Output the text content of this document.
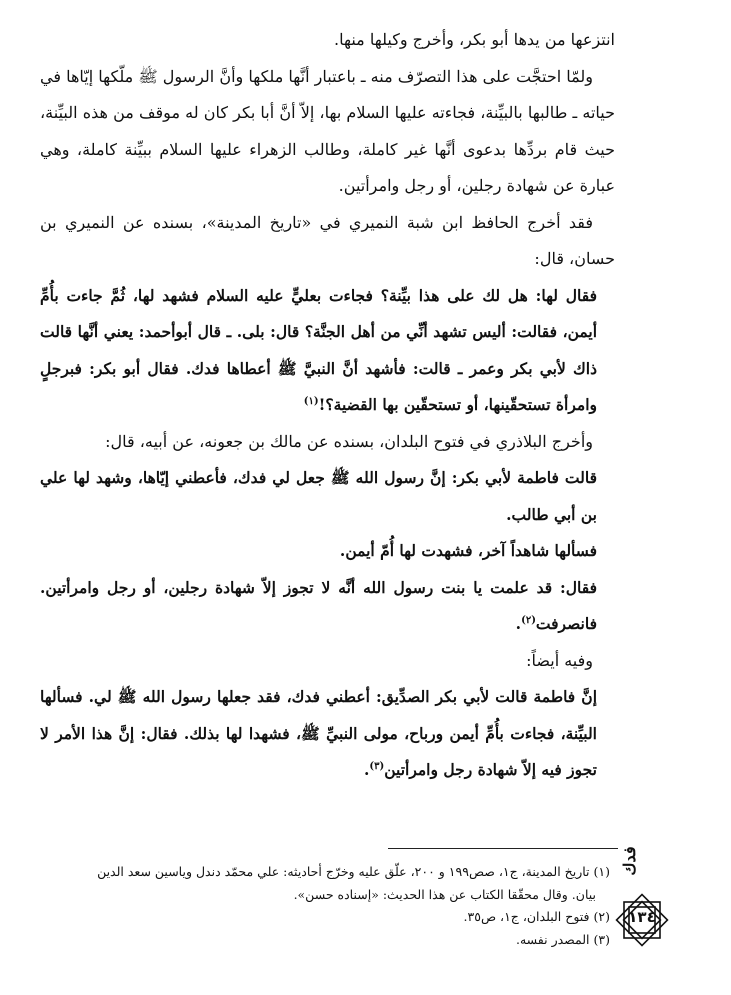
انتزعها من يدها أبو بكر، وأخرج وكيلها منها.

ولمّا احتجَّت على هذا التصرّف منه ـ باعتبار أنَّها ملكها وأنَّ الرسول ﷺ ملّكها إيّاها في حياته ـ طالبها بالبيِّنة، فجاءته عليها السلام بها، إلاّ أنَّ أبا بكر كان له موقف من هذه البيِّنة، حيث قام بردِّها بدعوى أنَّها غير كاملة، وطالب الزهراء عليها السلام ببيِّنة كاملة، وهي عبارة عن شهادة رجلين، أو رجل وامرأتين.

فقد أخرج الحافظ ابن شبة النميري في «تاريخ المدينة»، بسنده عن النميري بن حسان، قال:

فقال لها: هل لك على هذا بيِّنة؟ فجاءت بعليٍّ عليه السلام فشهد لها، ثُمَّ جاءت بأُمِّ أيمن، فقالت: أليس تشهد أنِّي من أهل الجنَّة؟ قال: بلى. ـ قال أبوأحمد: يعني أنَّها قالت ذاك لأبي بكر وعمر ـ قالت: فأشهد أنَّ النبيَّ ﷺ أعطاها فدك. فقال أبو بكر: فبرجلٍ وامرأة تستحقّينها، أو تستحقّين بها القضية؟!$^{(١)}$

وأخرج البلاذري في فتوح البلدان، بسنده عن مالك بن جعونه، عن أبيه، قال:

قالت فاطمة لأبي بكر: إنَّ رسول الله ﷺ جعل لي فدك، فأعطني إيّاها، وشهد لها علي بن أبي طالب.

فسألها شاهداً آخر، فشهدت لها أُمّ أيمن.

فقال: قد علمت يا بنت رسول الله أنَّه لا تجوز إلاّ شهادة رجلين، أو رجل وامرأتين. فانصرفت$^{(٢)}$.

وفيه أيضاً:

إنَّ فاطمة قالت لأبي بكر الصدِّيق: أعطني فدك، فقد جعلها رسول الله ﷺ لي. فسألها البيِّنة، فجاءت بأُمِّ أيمن ورباح، مولى النبيِّ ﷺ، فشهدا لها بذلك. فقال: إنَّ هذا الأمر لا تجوز فيه إلاّ شهادة رجل وامرأتين$^{(٣)}$.

(١) تاريخ المدينة، ج١، صص١٩٩ و ٢٠٠، علّق عليه وخرّج أحاديثه: علي محمّد دندل وياسين سعد الدين
بيان. وقال محقّقا الكتاب عن هذا الحديث: «إسناده حسن».
(٢) فتوح البلدان، ج١، ص٣٥.
(٣) المصدر نفسه.
فدك
١٣٤
